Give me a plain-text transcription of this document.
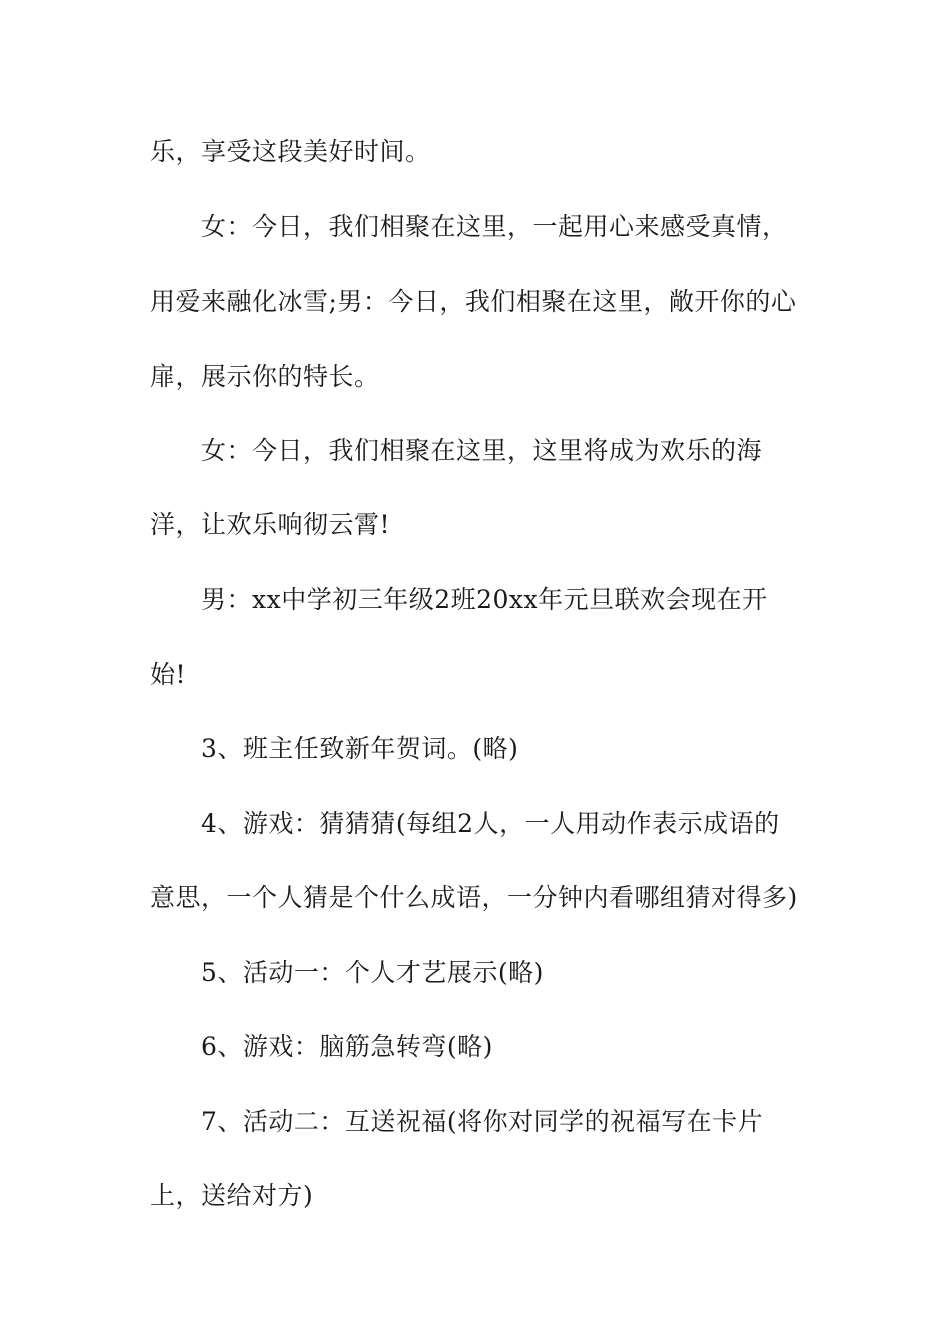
乐，享受这段美好时间。
女：今日，我们相聚在这里，一起用心来感受真情，
用爱来融化冰雪;男：今日，我们相聚在这里，敞开你的心
扉，展示你的特长。
女：今日，我们相聚在这里，这里将成为欢乐的海
洋，让欢乐响彻云霄!
男：xx中学初三年级2班20xx年元旦联欢会现在开
始!
3、班主任致新年贺词。(略)
4、游戏：猜猜猜(每组2人，一人用动作表示成语的
意思，一个人猜是个什么成语，一分钟内看哪组猜对得多)
5、活动一：个人才艺展示(略)
6、游戏：脑筋急转弯(略)
7、活动二：互送祝福(将你对同学的祝福写在卡片
上，送给对方)
